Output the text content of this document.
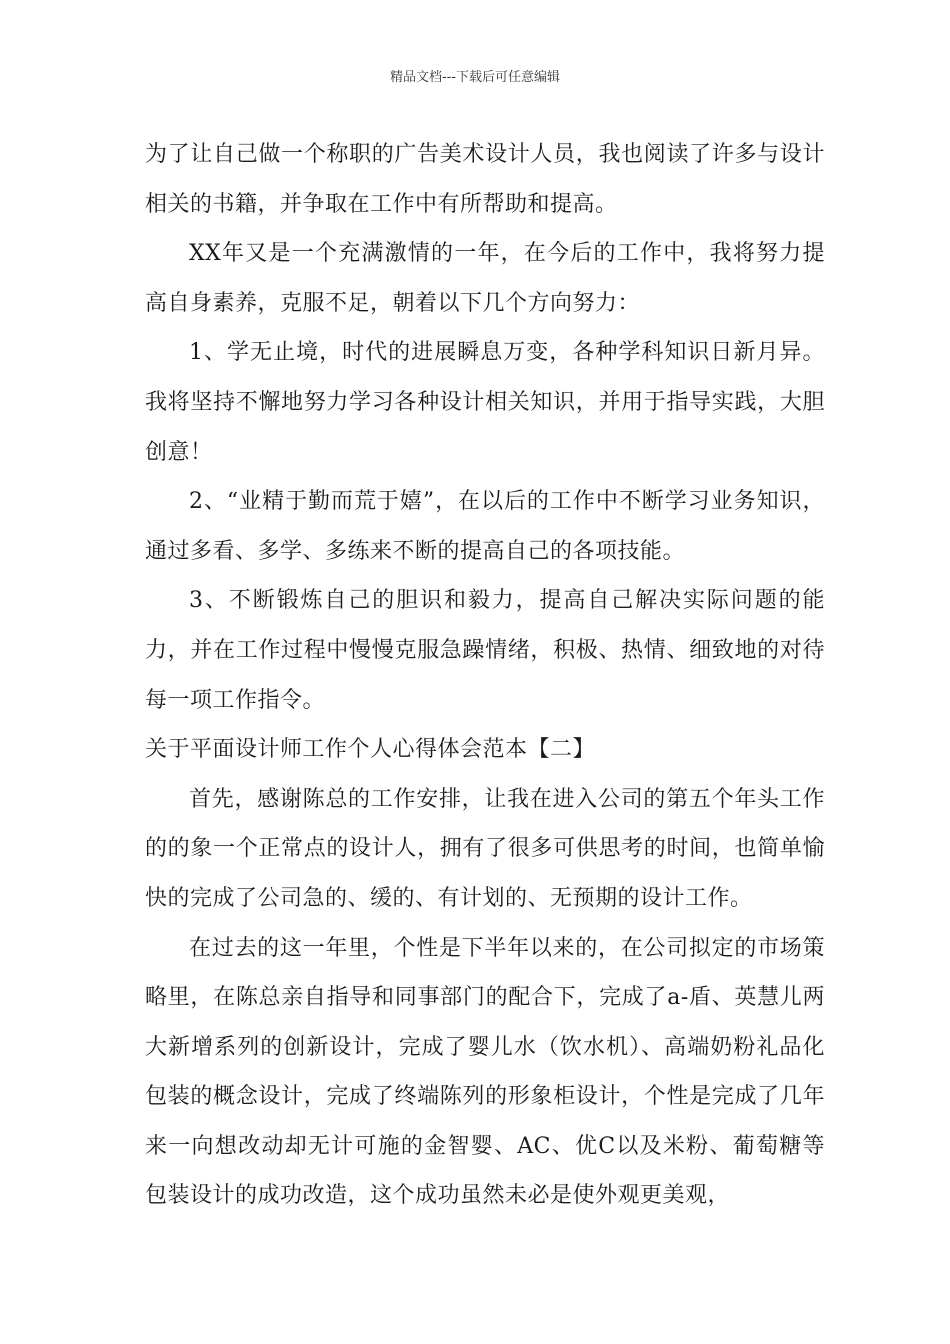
精品文档---下载后可任意编辑

为了让自己做一个称职的广告美术设计人员，我也阅读了许多与设计相关的书籍，并争取在工作中有所帮助和提高。

XX年又是一个充满激情的一年，在今后的工作中，我将努力提高自身素养，克服不足，朝着以下几个方向努力：

1、学无止境，时代的进展瞬息万变，各种学科知识日新月异。我将坚持不懈地努力学习各种设计相关知识，并用于指导实践，大胆创意！

2、“业精于勤而荒于嬉”，在以后的工作中不断学习业务知识，通过多看、多学、多练来不断的提高自己的各项技能。

3、不断锻炼自己的胆识和毅力，提高自己解决实际问题的能力，并在工作过程中慢慢克服急躁情绪，积极、热情、细致地的对待每一项工作指令。

关于平面设计师工作个人心得体会范本【二】

首先，感谢陈总的工作安排，让我在进入公司的第五个年头工作的的象一个正常点的设计人，拥有了很多可供思考的时间，也简单愉快的完成了公司急的、缓的、有计划的、无预期的设计工作。

在过去的这一年里，个性是下半年以来的，在公司拟定的市场策略里，在陈总亲自指导和同事部门的配合下，完成了a-盾、英慧儿两大新增系列的创新设计，完成了婴儿水（饮水机）、高端奶粉礼品化包装的概念设计，完成了终端陈列的形象柜设计，个性是完成了几年来一向想改动却无计可施的金智婴、AC、优C以及米粉、葡萄糖等包装设计的成功改造，这个成功虽然未必是使外观更美观，
